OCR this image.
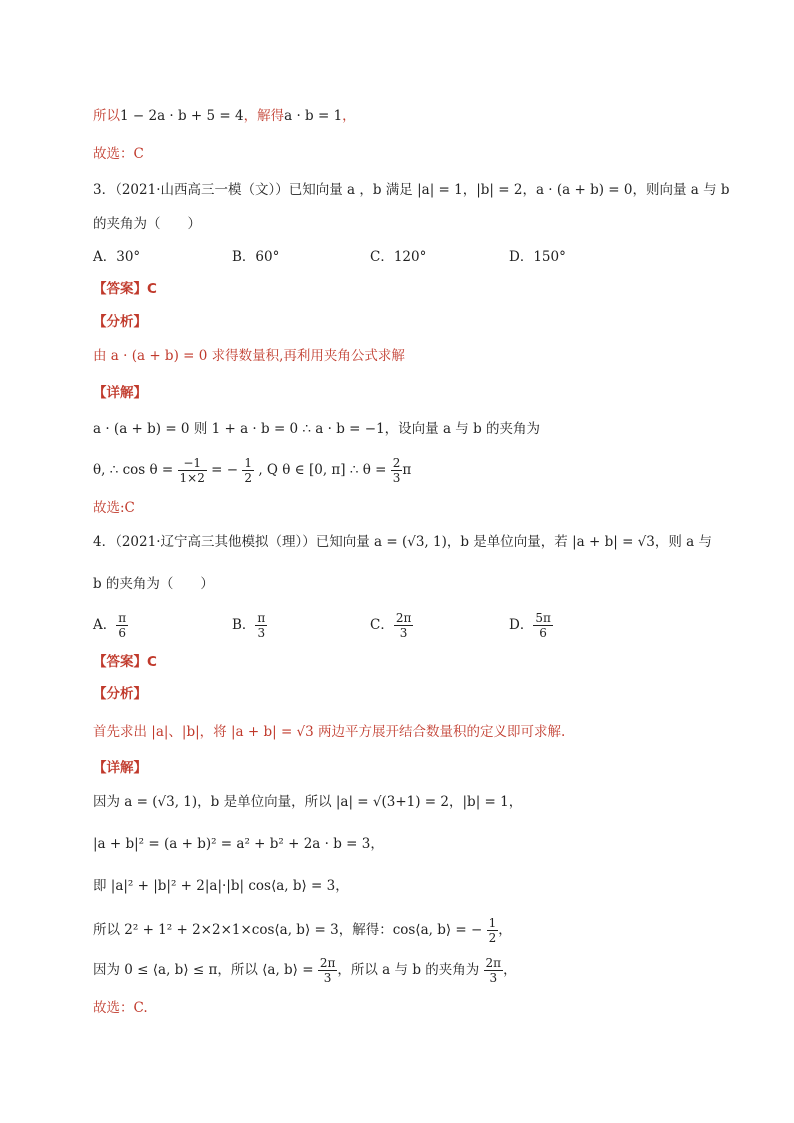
所以1 − 2a · b + 5 = 4，解得a · b = 1，
故选：C
3．（2021·山西高三一模（文））已知向量 a ，b 满足 |a| = 1，|b| = 2，a · (a + b) = 0，则向量 a 与 b
的夹角为（　　）
A．30°	B．60°	C．120°	D．150°
【答案】C
【分析】
由 a · (a + b) = 0 求得数量积,再利用夹角公式求解
【详解】
a · (a + b) = 0 则 1 + a · b = 0 ∴ a · b = −1，设向量 a 与 b 的夹角为
θ, ∴ $\cos \theta = \frac{-1}{1\times 2}$ = − $\frac{1}{2}$ , Q θ ∈ [0, π] ∴ $\theta = \frac{2}{3}$ π
故选:C
4．（2021·辽宁高三其他模拟（理））已知向量 a = (√3, 1)，b 是单位向量，若 |a + b| = √3，则 a 与
b 的夹角为（　　）
A． $\frac{\pi}{6}$	B． $\frac{\pi}{3}$	C． $\frac{2\pi}{3}$	D． $\frac{5\pi}{6}$
【答案】C
【分析】
首先求出 |a|、|b|，将 |a + b| = √3 两边平方展开结合数量积的定义即可求解.
【详解】
因为 a = (√3, 1)，b 是单位向量，所以 |a| = √(3+1) = 2，|b| = 1，
|a + b|² = (a + b)² = a² + b² + 2a · b = 3，
即 |a|² + |b|² + 2|a|·|b| cos⟨a, b⟩ = 3，
所以 2² + 1² + 2×2×1×cos⟨a, b⟩ = 3，解得：cos⟨a, b⟩ = − $\frac{1}{2}$ ，
因为 0 ≤ ⟨a, b⟩ ≤ π，所以 ⟨a, b⟩ = $\frac{2\pi}{3}$ ，所以 a 与 b 的夹角为 $\frac{2\pi}{3}$ ，
故选：C.
